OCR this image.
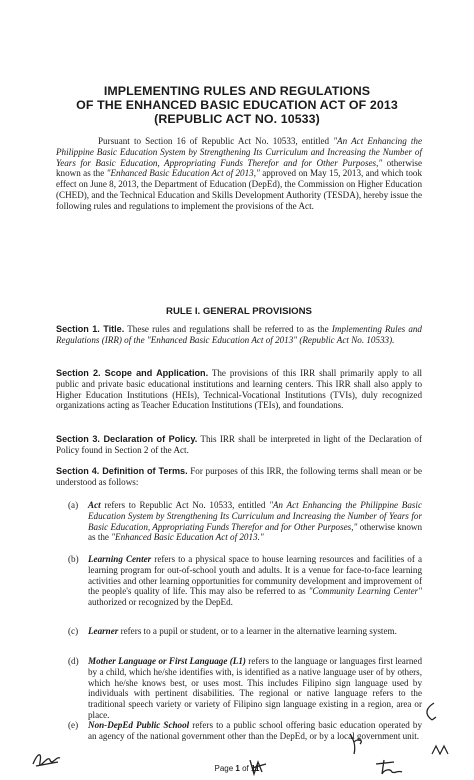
IMPLEMENTING RULES AND REGULATIONS
OF THE ENHANCED BASIC EDUCATION ACT OF 2013
(REPUBLIC ACT NO. 10533)
Pursuant to Section 16 of Republic Act No. 10533, entitled "An Act Enhancing the Philippine Basic Education System by Strengthening Its Curriculum and Increasing the Number of Years for Basic Education, Appropriating Funds Therefor and for Other Purposes," otherwise known as the "Enhanced Basic Education Act of 2013," approved on May 15, 2013, and which took effect on June 8, 2013, the Department of Education (DepEd), the Commission on Higher Education (CHED), and the Technical Education and Skills Development Authority (TESDA), hereby issue the following rules and regulations to implement the provisions of the Act.
RULE I. GENERAL PROVISIONS
Section 1. Title. These rules and regulations shall be referred to as the Implementing Rules and Regulations (IRR) of the "Enhanced Basic Education Act of 2013" (Republic Act No. 10533).
Section 2. Scope and Application. The provisions of this IRR shall primarily apply to all public and private basic educational institutions and learning centers. This IRR shall also apply to Higher Education Institutions (HEIs), Technical-Vocational Institutions (TVIs), duly recognized organizations acting as Teacher Education Institutions (TEIs), and foundations.
Section 3. Declaration of Policy. This IRR shall be interpreted in light of the Declaration of Policy found in Section 2 of the Act.
Section 4. Definition of Terms. For purposes of this IRR, the following terms shall mean or be understood as follows:
(a) Act refers to Republic Act No. 10533, entitled "An Act Enhancing the Philippine Basic Education System by Strengthening Its Curriculum and Increasing the Number of Years for Basic Education, Appropriating Funds Therefor and for Other Purposes," otherwise known as the "Enhanced Basic Education Act of 2013."
(b) Learning Center refers to a physical space to house learning resources and facilities of a learning program for out-of-school youth and adults. It is a venue for face-to-face learning activities and other learning opportunities for community development and improvement of the people's quality of life. This may also be referred to as "Community Learning Center" authorized or recognized by the DepEd.
(c) Learner refers to a pupil or student, or to a learner in the alternative learning system.
(d) Mother Language or First Language (L1) refers to the language or languages first learned by a child, which he/she identifies with, is identified as a native language user of by others, which he/she knows best, or uses most. This includes Filipino sign language used by individuals with pertinent disabilities. The regional or native language refers to the traditional speech variety or variety of Filipino sign language existing in a region, area or place.
(e) Non-DepEd Public School refers to a public school offering basic education operated by an agency of the national government other than the DepEd, or by a local government unit.
Page 1 of 11
